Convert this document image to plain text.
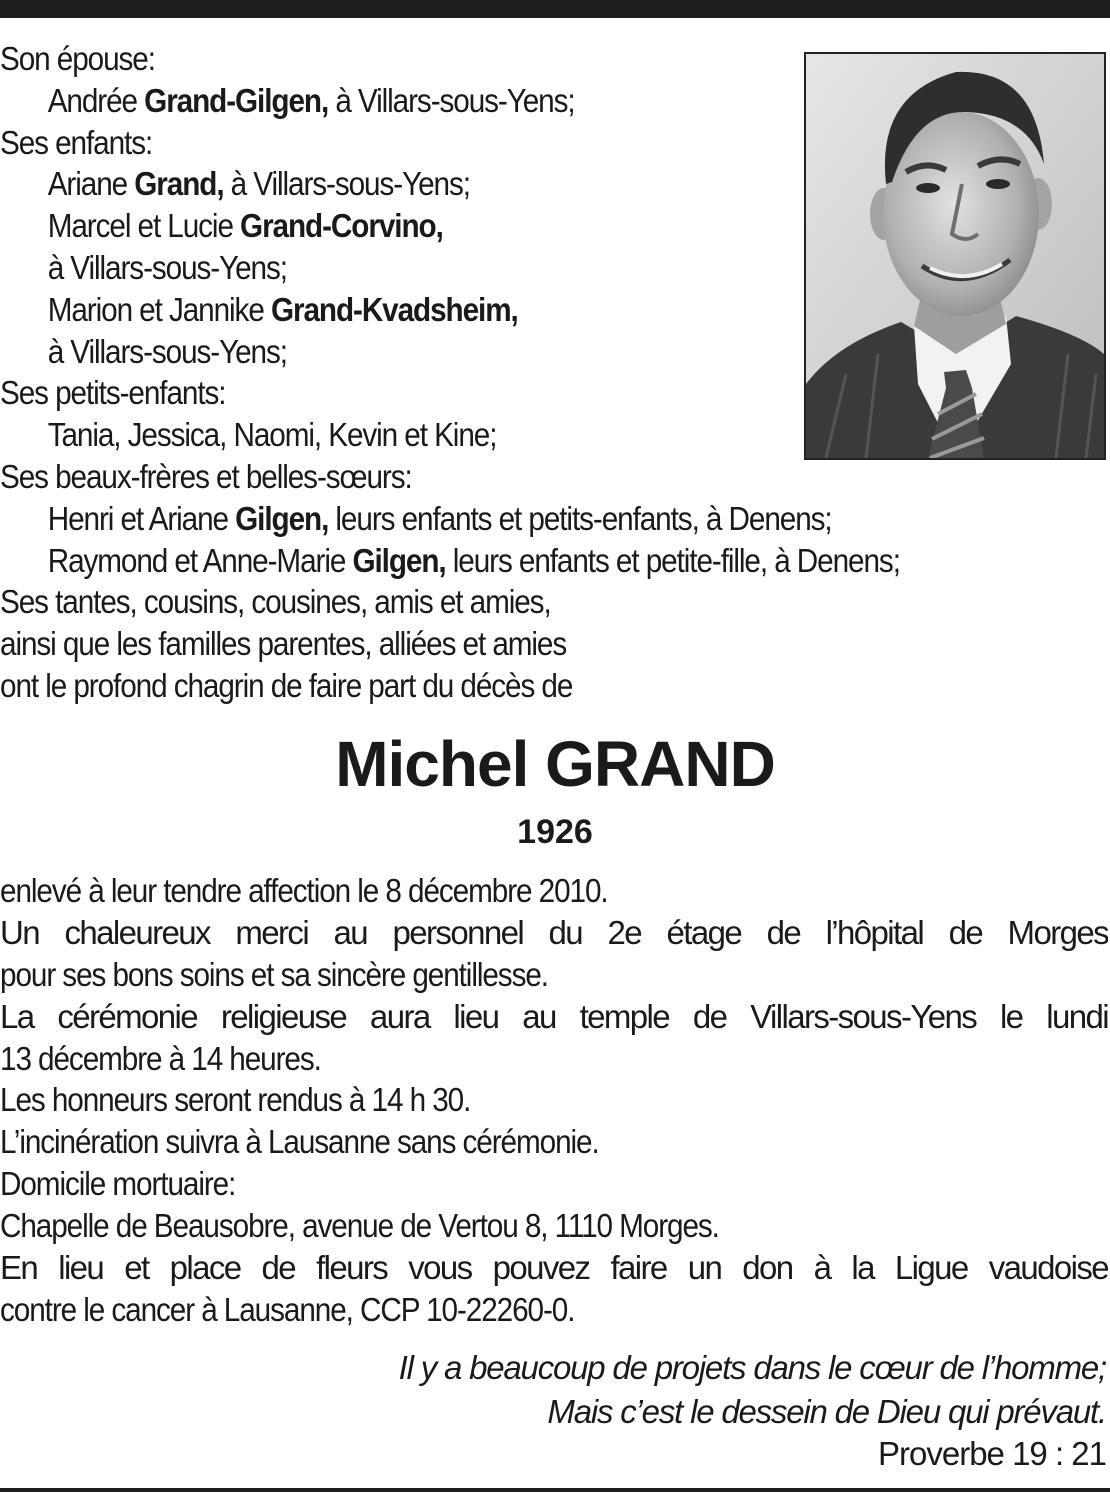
Son épouse:
Andrée Grand-Gilgen, à Villars-sous-Yens;
Ses enfants:
Ariane Grand, à Villars-sous-Yens;
Marcel et Lucie Grand-Corvino,
à Villars-sous-Yens;
Marion et Jannike Grand-Kvadsheim,
à Villars-sous-Yens;
Ses petits-enfants:
Tania, Jessica, Naomi, Kevin et Kine;
Ses beaux-frères et belles-sœurs:
Henri et Ariane Gilgen, leurs enfants et petits-enfants, à Denens;
Raymond et Anne-Marie Gilgen, leurs enfants et petite-fille, à Denens;
Ses tantes, cousins, cousines, amis et amies,
ainsi que les familles parentes, alliées et amies
ont le profond chagrin de faire part du décès de
Michel GRAND
1926
enlevé à leur tendre affection le 8 décembre 2010.
Un chaleureux merci au personnel du 2e étage de l’hôpital de Morges
pour ses bons soins et sa sincère gentillesse.
La cérémonie religieuse aura lieu au temple de Villars-sous-Yens le lundi
13 décembre à 14 heures.
Les honneurs seront rendus à 14 h 30.
L’incinération suivra à Lausanne sans cérémonie.
Domicile mortuaire:
Chapelle de Beausobre, avenue de Vertou 8, 1110 Morges.
En lieu et place de fleurs vous pouvez faire un don à la Ligue vaudoise
contre le cancer à Lausanne, CCP 10-22260-0.
Il y a beaucoup de projets dans le cœur de l’homme;
Mais c’est le dessein de Dieu qui prévaut.
Proverbe 19 : 21
